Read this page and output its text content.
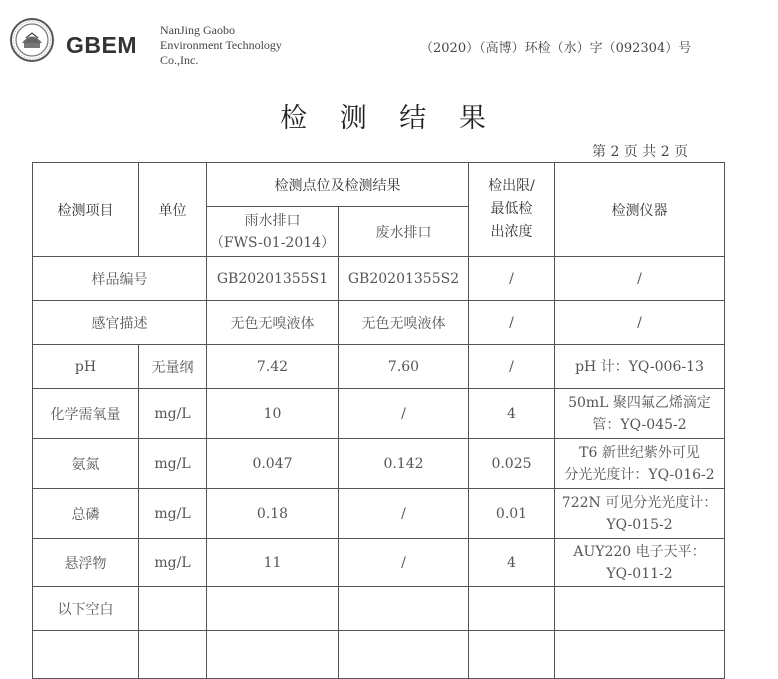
GBEM
NanJing Gaobo
Environment Technology
Co.,Inc.
（2020）（高博）环检（水）字（092304）号
检 测 结 果
第 2 页 共 2 页
检测项目	单位	检测点位及检测结果		检出限/
最低检
出浓度	检测仪器

		雨水排口
（FWS-01-2014）	废水排口		
样品编号		GB20201355S1	GB20201355S2	/	/
感官描述		无色无嗅液体	无色无嗅液体	/	/
pH	无量纲	7.42	7.60	/	pH 计：YQ-006-13

化学需氧量	mg/L	10	/	4	50mL 聚四氟乙烯滴定
管：YQ-045-2

氨氮	mg/L	0.047	0.142	0.025	T6 新世纪紫外可见
分光光度计：YQ-016-2

总磷	mg/L	0.18	/	0.01	722N 可见分光光度计：
YQ-015-2

悬浮物	mg/L	11	/	4	AUY220 电子天平：
YQ-011-2

以下空白					
